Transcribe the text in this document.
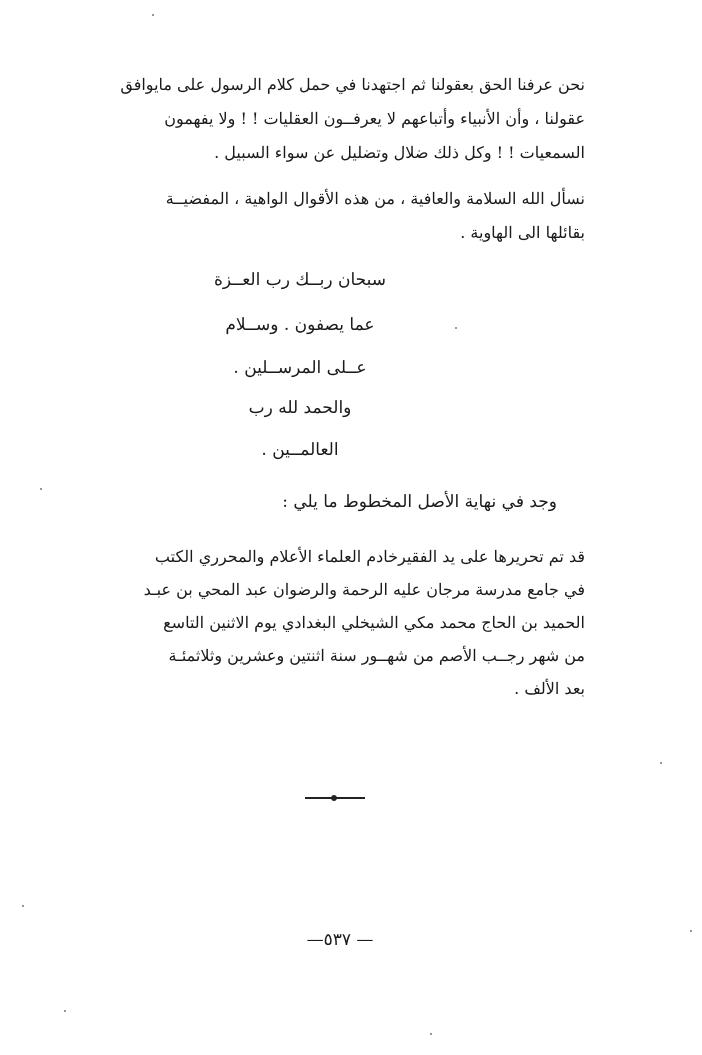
نحن عرفنا الحق بعقولنا ثم اجتهدنا في حمل كلام الرسول على مايوافق
عقولنا ، وأن الأنبياء وأتباعهم لا يعرفــون العقليات ! ! ولا يفهمون
السمعيات ! ! وكل ذلك ضلال وتضليل عن سواء السبيل .
نسأل الله السلامة والعافية ، من هذه الأقوال الواهية ، المفضيــة
بقائلها الى الهاوية .
سبحان ربــك رب العــزة
عما يصفون . وســلام
عــلى المرســلين .
والحمد لله رب
العالمــين .

وجد في نهاية الأصل المخطوط ما يلي :

قد تم تحريرها على يد الفقيرخادم العلماء الأعلام والمحرري الكتب
في جامع مدرسة مرجان عليه الرحمة والرضوان عبد المحي بن عبـد
الحميد بن الحاج محمد مكي الشيخلي البغدادي يوم الاثنين التاسع
من شهر رجــب الأصم من شهــور سنة اثنتين وعشرين وثلاثمئـة
بعد الألف .
— ٥٣٧—
